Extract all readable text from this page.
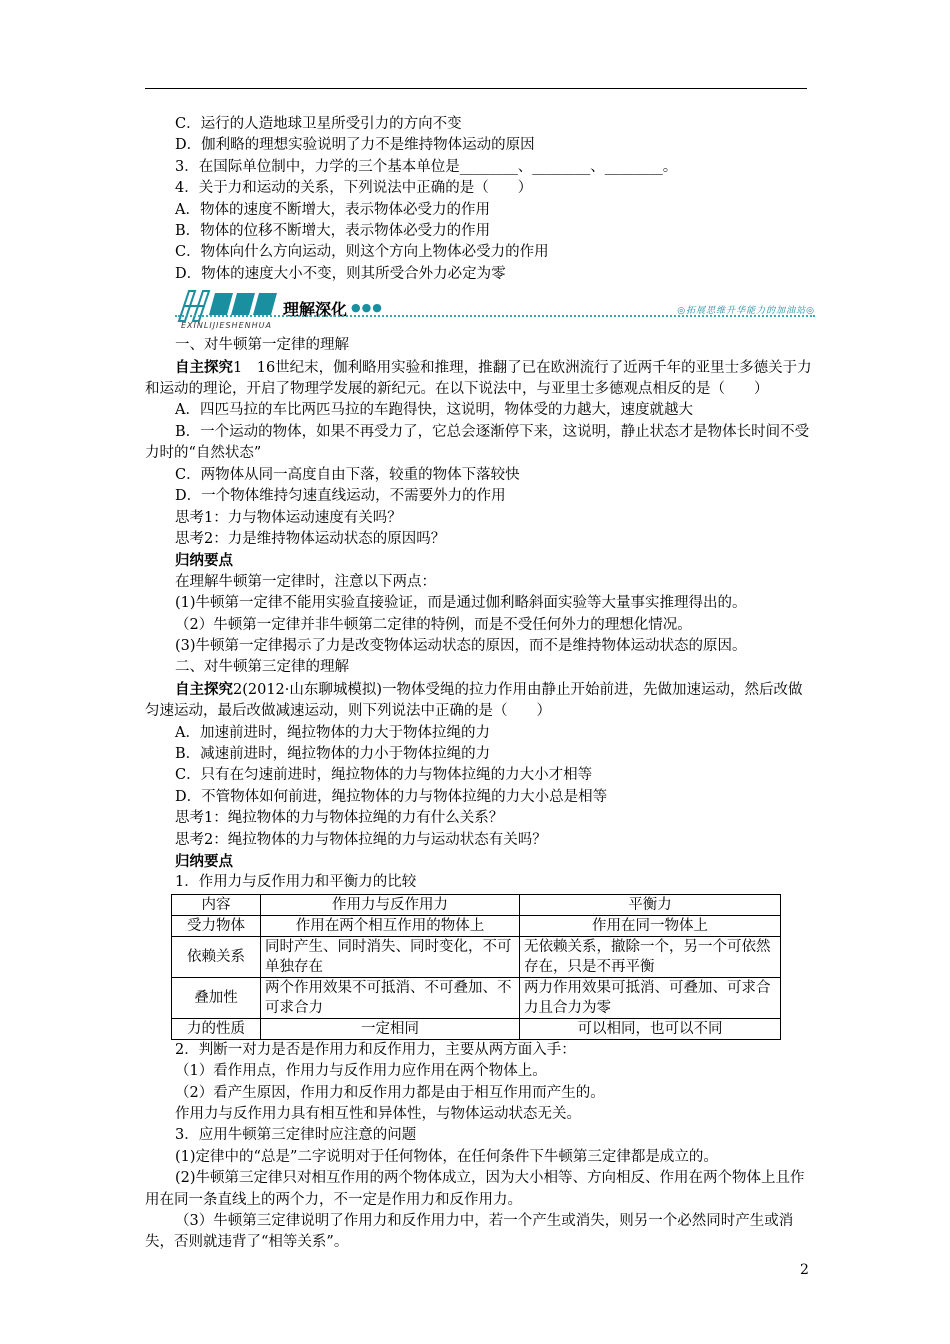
C．运行的人造地球卫星所受引力的方向不变
D．伽利略的理想实验说明了力不是维持物体运动的原因
3．在国际单位制中，力学的三个基本单位是________、________、________。
4．关于力和运动的关系，下列说法中正确的是（　　）
A．物体的速度不断增大，表示物体必受力的作用
B．物体的位移不断增大，表示物体必受力的作用
C．物体向什么方向运动，则这个方向上物体必受力的作用
D．物体的速度大小不变，则其所受合外力必定为零
理解深化 ●●●	◎拓展思维升华能力的加油站◎
EXINLIJIESHENHUA
一、对牛顿第一定律的理解
自主探究1　16世纪末，伽利略用实验和推理，推翻了已在欧洲流行了近两千年的亚里士多德关于力和运动的理论，开启了物理学发展的新纪元。在以下说法中，与亚里士多德观点相反的是（　　）
A．四匹马拉的车比两匹马拉的车跑得快，这说明，物体受的力越大，速度就越大
B．一个运动的物体，如果不再受力了，它总会逐渐停下来，这说明，静止状态才是物体长时间不受力时的“自然状态”
C．两物体从同一高度自由下落，较重的物体下落较快
D．一个物体维持匀速直线运动，不需要外力的作用
思考1：力与物体运动速度有关吗？
思考2：力是维持物体运动状态的原因吗？
归纳要点
在理解牛顿第一定律时，注意以下两点：
(1)牛顿第一定律不能用实验直接验证，而是通过伽利略斜面实验等大量事实推理得出的。
（2）牛顿第一定律并非牛顿第二定律的特例，而是不受任何外力的理想化情况。
(3)牛顿第一定律揭示了力是改变物体运动状态的原因，而不是维持物体运动状态的原因。
二、对牛顿第三定律的理解
自主探究2(2012·山东聊城模拟)一物体受绳的拉力作用由静止开始前进，先做加速运动，然后改做匀速运动，最后改做减速运动，则下列说法中正确的是（　　）
A．加速前进时，绳拉物体的力大于物体拉绳的力
B．减速前进时，绳拉物体的力小于物体拉绳的力
C．只有在匀速前进时，绳拉物体的力与物体拉绳的力大小才相等
D．不管物体如何前进，绳拉物体的力与物体拉绳的力大小总是相等
思考1：绳拉物体的力与物体拉绳的力有什么关系？
思考2：绳拉物体的力与物体拉绳的力与运动状态有关吗？
归纳要点
1．作用力与反作用力和平衡力的比较
内容	作用力与反作用力	平衡力
受力物体	作用在两个相互作用的物体上	作用在同一物体上
依赖关系	同时产生、同时消失、同时变化，不可单独存在	无依赖关系，撤除一个，另一个可依然存在，只是不再平衡
叠加性	两个作用效果不可抵消、不可叠加、不可求合力	两力作用效果可抵消、可叠加、可求合力且合力为零
力的性质	一定相同	可以相同，也可以不同
2．判断一对力是否是作用力和反作用力，主要从两方面入手：
（1）看作用点，作用力与反作用力应作用在两个物体上。
（2）看产生原因，作用力和反作用力都是由于相互作用而产生的。
作用力与反作用力具有相互性和异体性，与物体运动状态无关。
3．应用牛顿第三定律时应注意的问题
(1)定律中的“总是”二字说明对于任何物体，在任何条件下牛顿第三定律都是成立的。
(2)牛顿第三定律只对相互作用的两个物体成立，因为大小相等、方向相反、作用在两个物体上且作用在同一条直线上的两个力，不一定是作用力和反作用力。
（3）牛顿第三定律说明了作用力和反作用力中，若一个产生或消失，则另一个必然同时产生或消失，否则就违背了“相等关系”。
2
